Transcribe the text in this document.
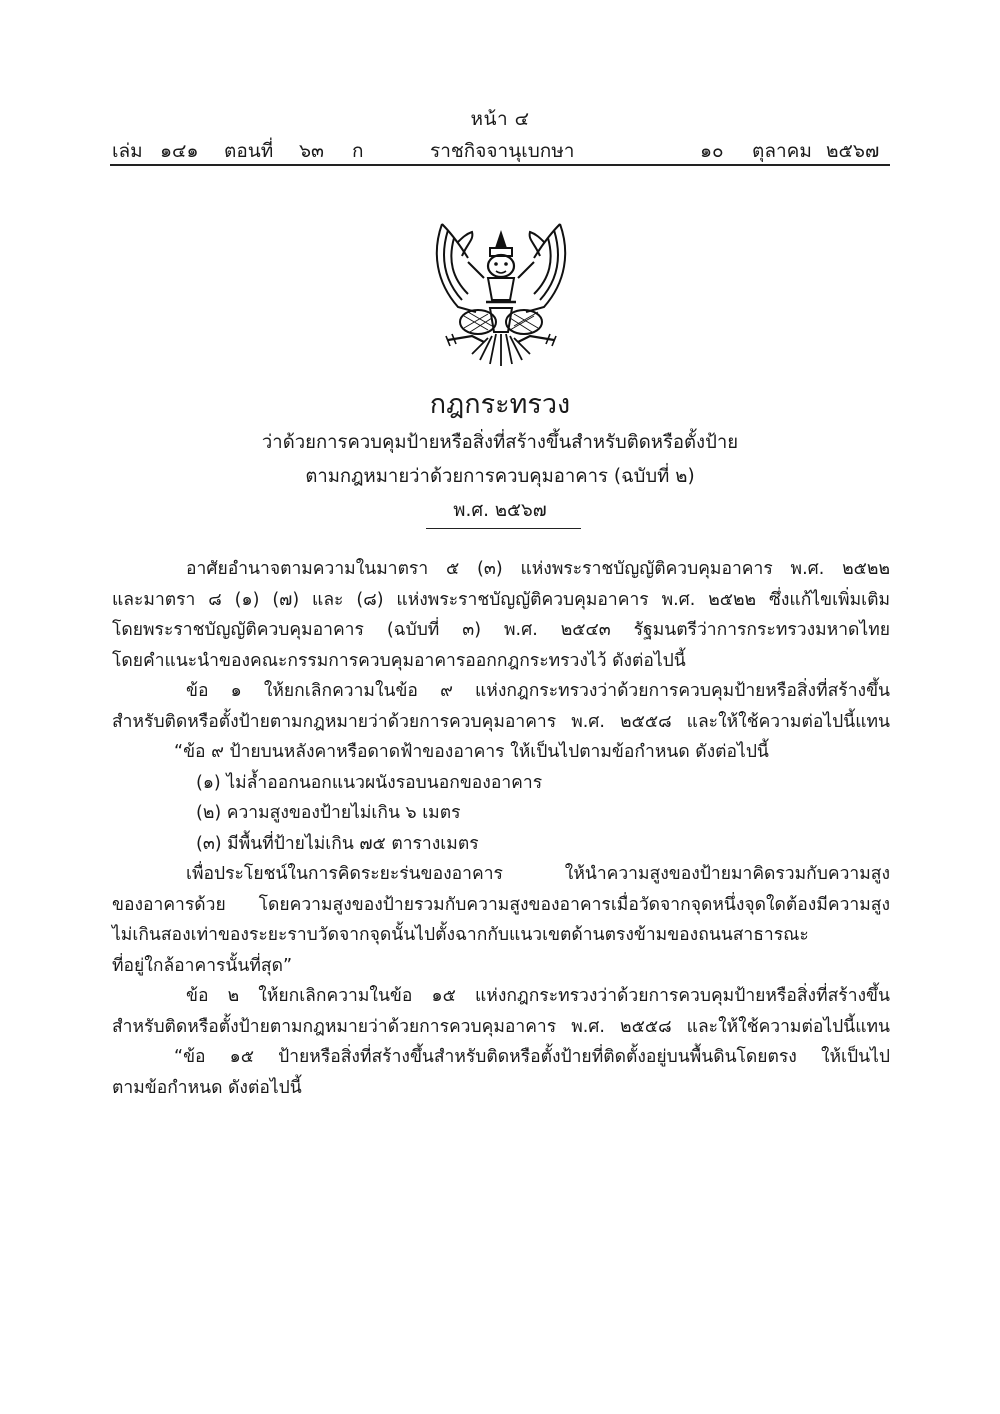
หน้า ๔
เล่ม ๑๔๑ ตอนที่ ๖๓ ก	ราชกิจจานุเบกษา	๑๐ ตุลาคม ๒๕๖๗
กฎกระทรวง
ว่าด้วยการควบคุมป้ายหรือสิ่งที่สร้างขึ้นสำหรับติดหรือตั้งป้าย
ตามกฎหมายว่าด้วยการควบคุมอาคาร (ฉบับที่ ๒)
พ.ศ. ๒๕๖๗
อาศัยอำนาจตามความในมาตรา ๕ (๓) แห่งพระราชบัญญัติควบคุมอาคาร พ.ศ. ๒๕๒๒
และมาตรา ๘ (๑) (๗) และ (๘) แห่งพระราชบัญญัติควบคุมอาคาร พ.ศ. ๒๕๒๒ ซึ่งแก้ไขเพิ่มเติม
โดยพระราชบัญญัติควบคุมอาคาร (ฉบับที่ ๓) พ.ศ. ๒๕๔๓ รัฐมนตรีว่าการกระทรวงมหาดไทย
โดยคำแนะนำของคณะกรรมการควบคุมอาคารออกกฎกระทรวงไว้ ดังต่อไปนี้
ข้อ ๑ ให้ยกเลิกความในข้อ ๙ แห่งกฎกระทรวงว่าด้วยการควบคุมป้ายหรือสิ่งที่สร้างขึ้น
สำหรับติดหรือตั้งป้ายตามกฎหมายว่าด้วยการควบคุมอาคาร พ.ศ. ๒๕๕๘ และให้ใช้ความต่อไปนี้แทน
“ข้อ ๙ ป้ายบนหลังคาหรือดาดฟ้าของอาคาร ให้เป็นไปตามข้อกำหนด ดังต่อไปนี้
(๑) ไม่ล้ำออกนอกแนวผนังรอบนอกของอาคาร
(๒) ความสูงของป้ายไม่เกิน ๖ เมตร
(๓) มีพื้นที่ป้ายไม่เกิน ๗๕ ตารางเมตร
เพื่อประโยชน์ในการคิดระยะร่นของอาคาร ให้นำความสูงของป้ายมาคิดรวมกับความสูง
ของอาคารด้วย โดยความสูงของป้ายรวมกับความสูงของอาคารเมื่อวัดจากจุดหนึ่งจุดใดต้องมีความสูง
ไม่เกินสองเท่าของระยะราบวัดจากจุดนั้นไปตั้งฉากกับแนวเขตด้านตรงข้ามของถนนสาธารณะ
ที่อยู่ใกล้อาคารนั้นที่สุด”
ข้อ ๒ ให้ยกเลิกความในข้อ ๑๕ แห่งกฎกระทรวงว่าด้วยการควบคุมป้ายหรือสิ่งที่สร้างขึ้น
สำหรับติดหรือตั้งป้ายตามกฎหมายว่าด้วยการควบคุมอาคาร พ.ศ. ๒๕๕๘ และให้ใช้ความต่อไปนี้แทน
“ข้อ ๑๕ ป้ายหรือสิ่งที่สร้างขึ้นสำหรับติดหรือตั้งป้ายที่ติดตั้งอยู่บนพื้นดินโดยตรง ให้เป็นไป
ตามข้อกำหนด ดังต่อไปนี้
